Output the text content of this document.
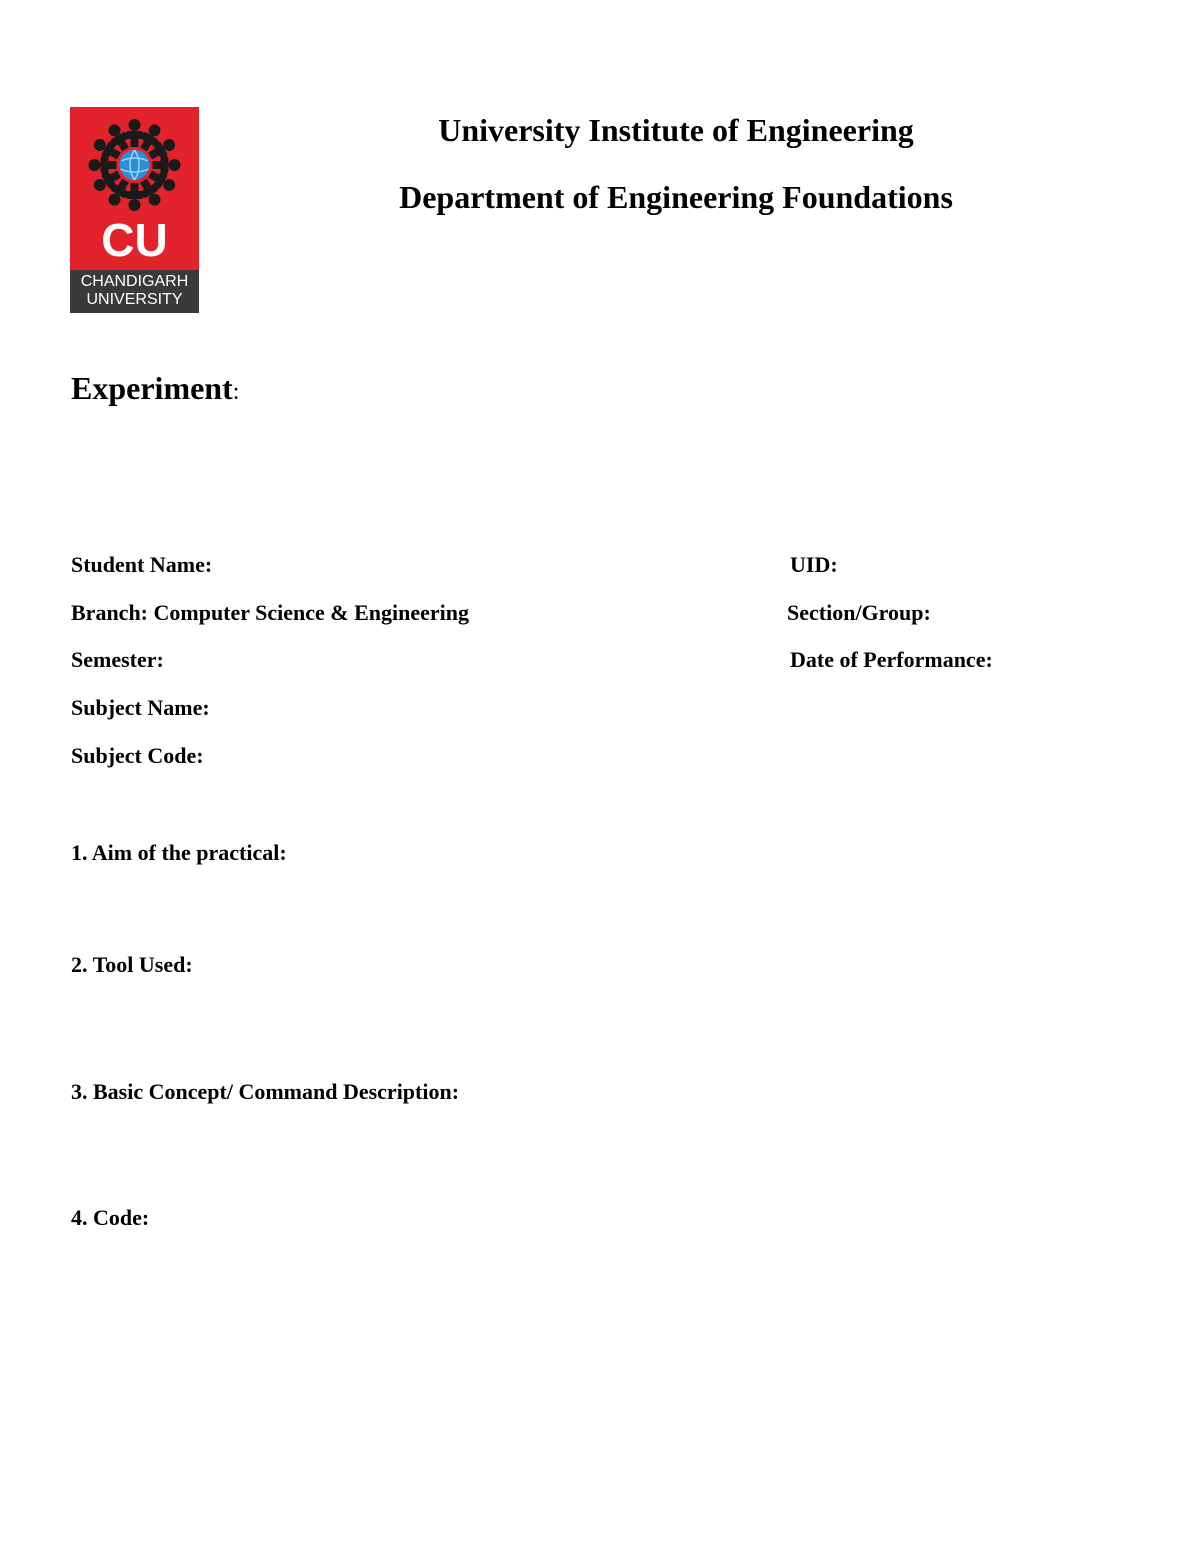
CU
CHANDIGARH
UNIVERSITY
University Institute of Engineering
Department of Engineering Foundations
Experiment:
Student Name:	UID:
Branch: Computer Science & Engineering	Section/Group:
Semester:	Date of Performance:
Subject Name:
Subject Code:
1. Aim of the practical:
2. Tool Used:
3. Basic Concept/ Command Description:
4. Code:
